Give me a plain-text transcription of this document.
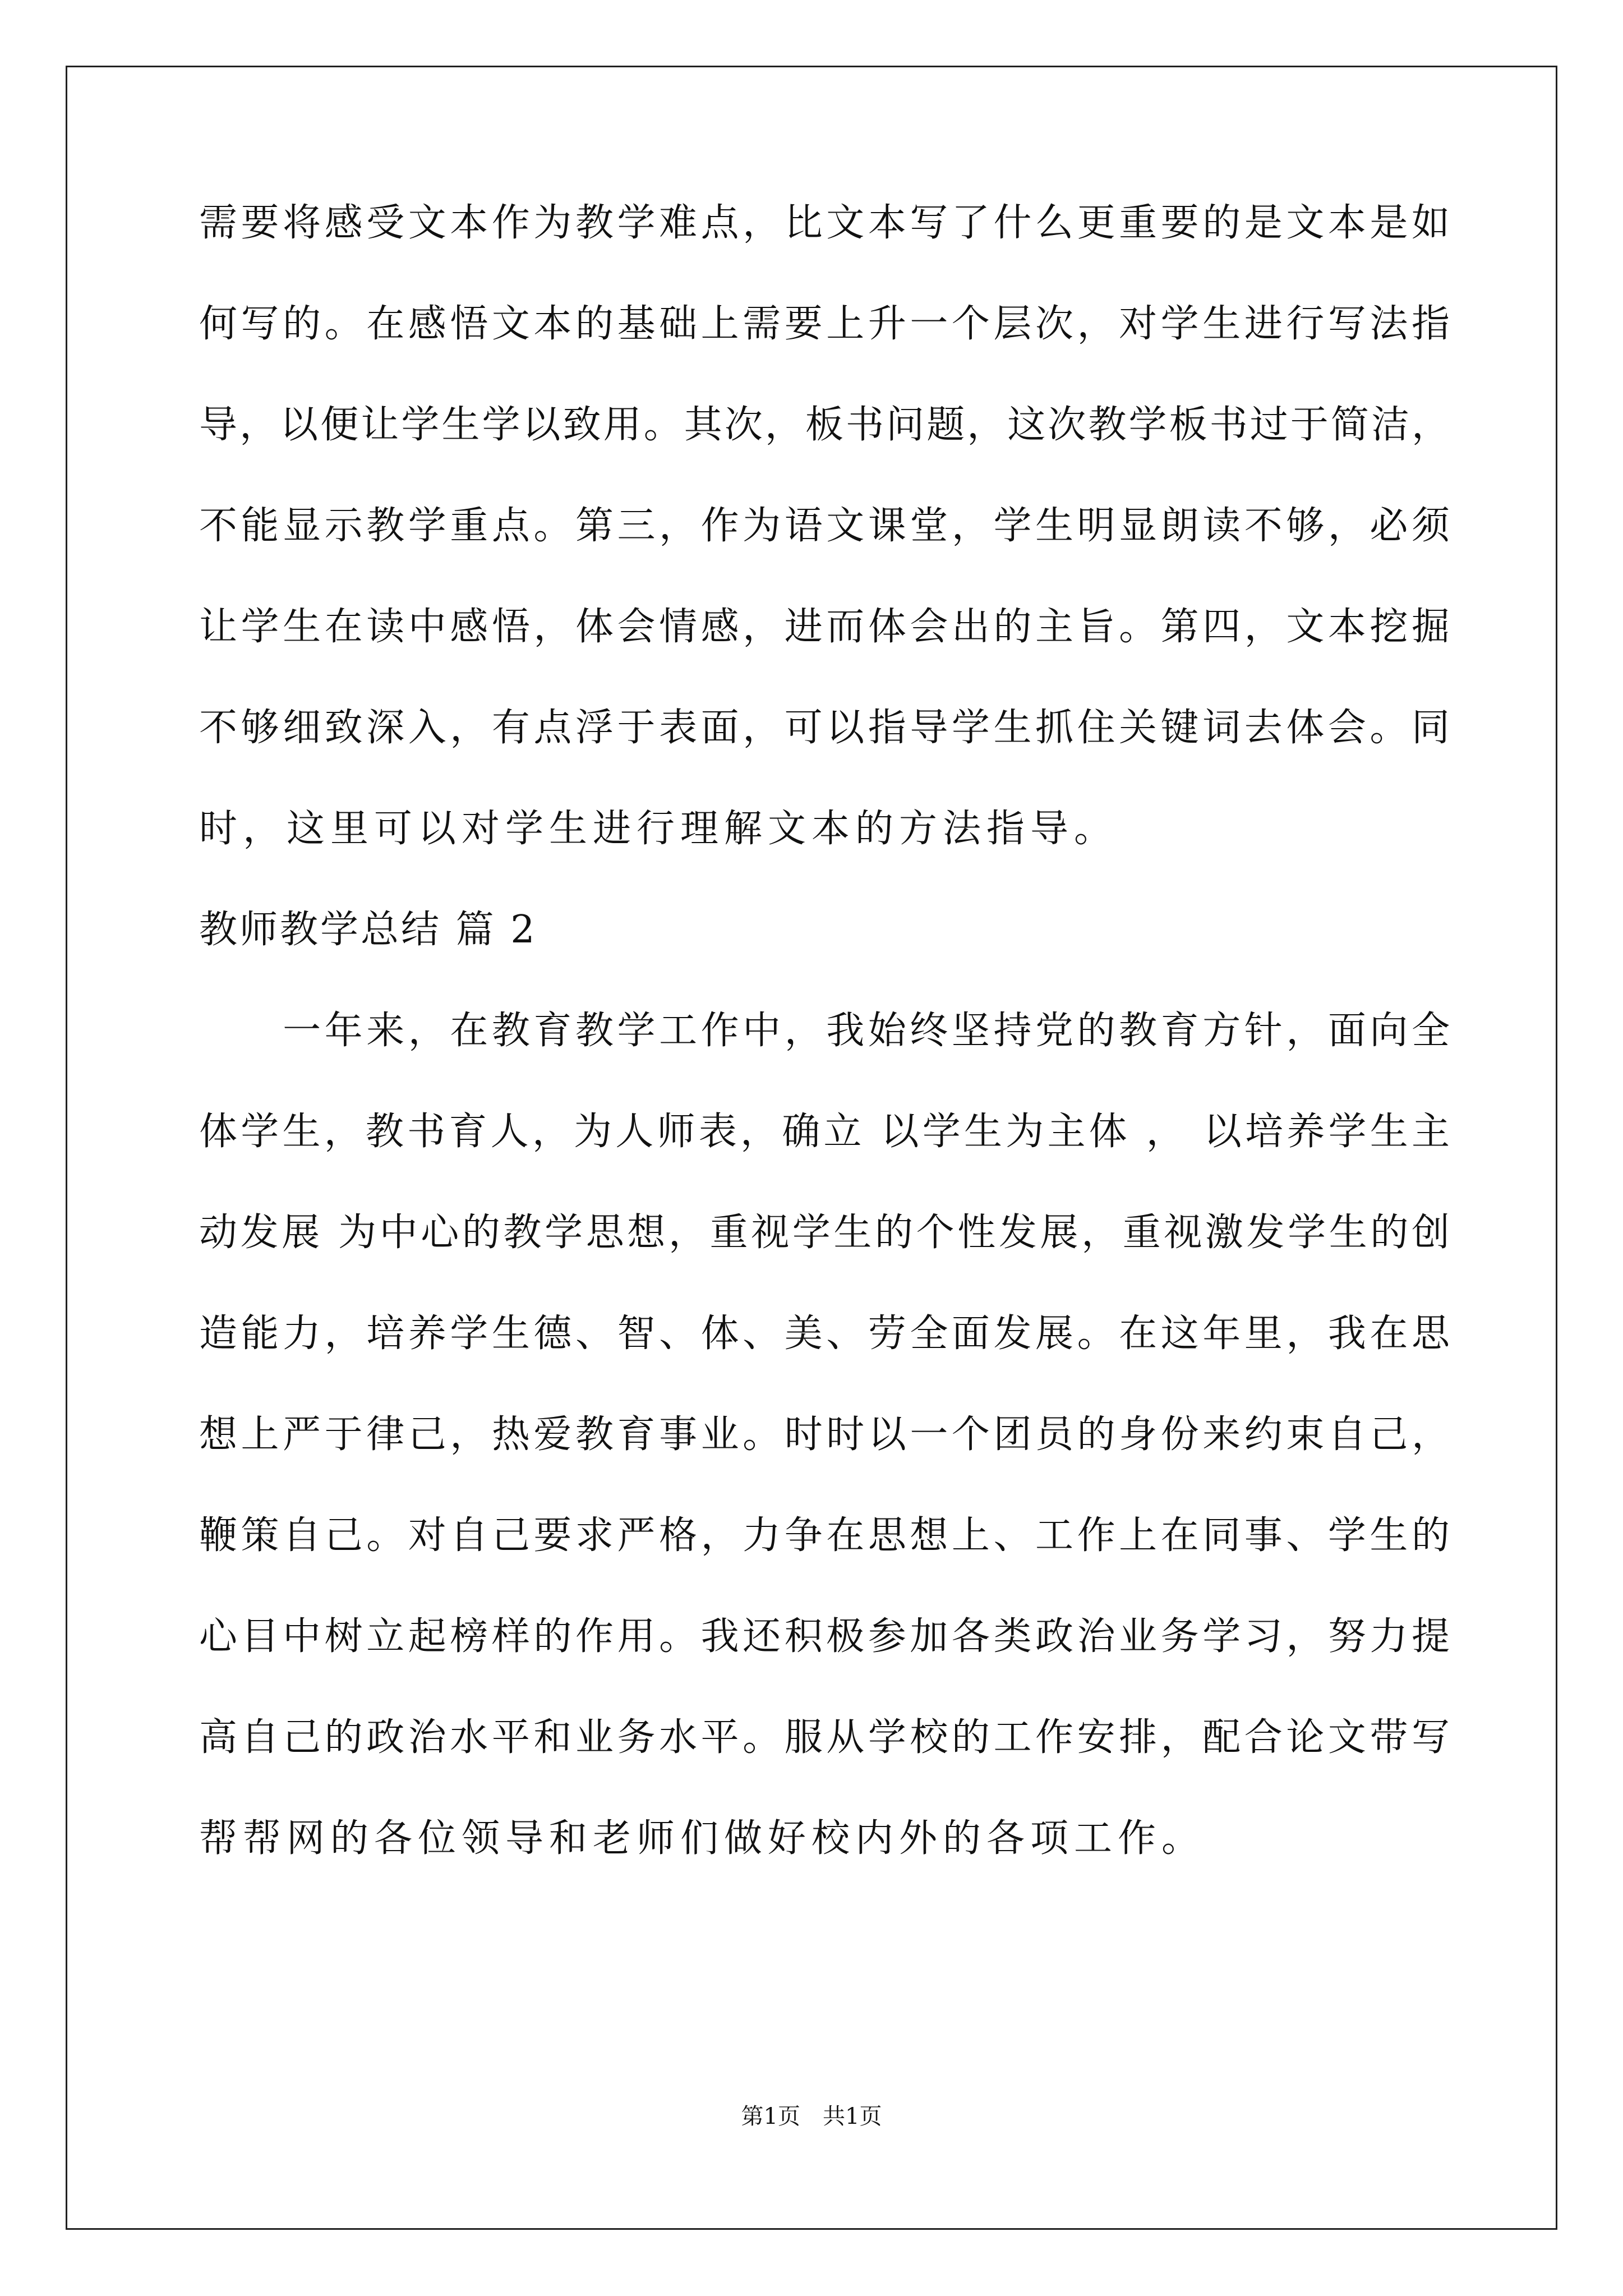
需要将感受文本作为教学难点，比文本写了什么更重要的是文本是如
何写的。在感悟文本的基础上需要上升一个层次，对学生进行写法指
导，以便让学生学以致用。其次，板书问题，这次教学板书过于简洁，
不能显示教学重点。第三，作为语文课堂，学生明显朗读不够，必须
让学生在读中感悟，体会情感，进而体会出的主旨。第四，文本挖掘
不够细致深入，有点浮于表面，可以指导学生抓住关键词去体会。同
时，这里可以对学生进行理解文本的方法指导。
教师教学总结 篇 2
　　一年来，在教育教学工作中，我始终坚持党的教育方针，面向全
体学生，教书育人，为人师表，确立 以学生为主体 ， 以培养学生主
动发展 为中心的教学思想，重视学生的个性发展，重视激发学生的创
造能力，培养学生德、智、体、美、劳全面发展。在这年里，我在思
想上严于律己，热爱教育事业。时时以一个团员的身份来约束自己，
鞭策自己。对自己要求严格，力争在思想上、工作上在同事、学生的
心目中树立起榜样的作用。我还积极参加各类政治业务学习，努力提
高自己的政治水平和业务水平。服从学校的工作安排，配合论文带写
帮帮网的各位领导和老师们做好校内外的各项工作。
第1页　共1页
